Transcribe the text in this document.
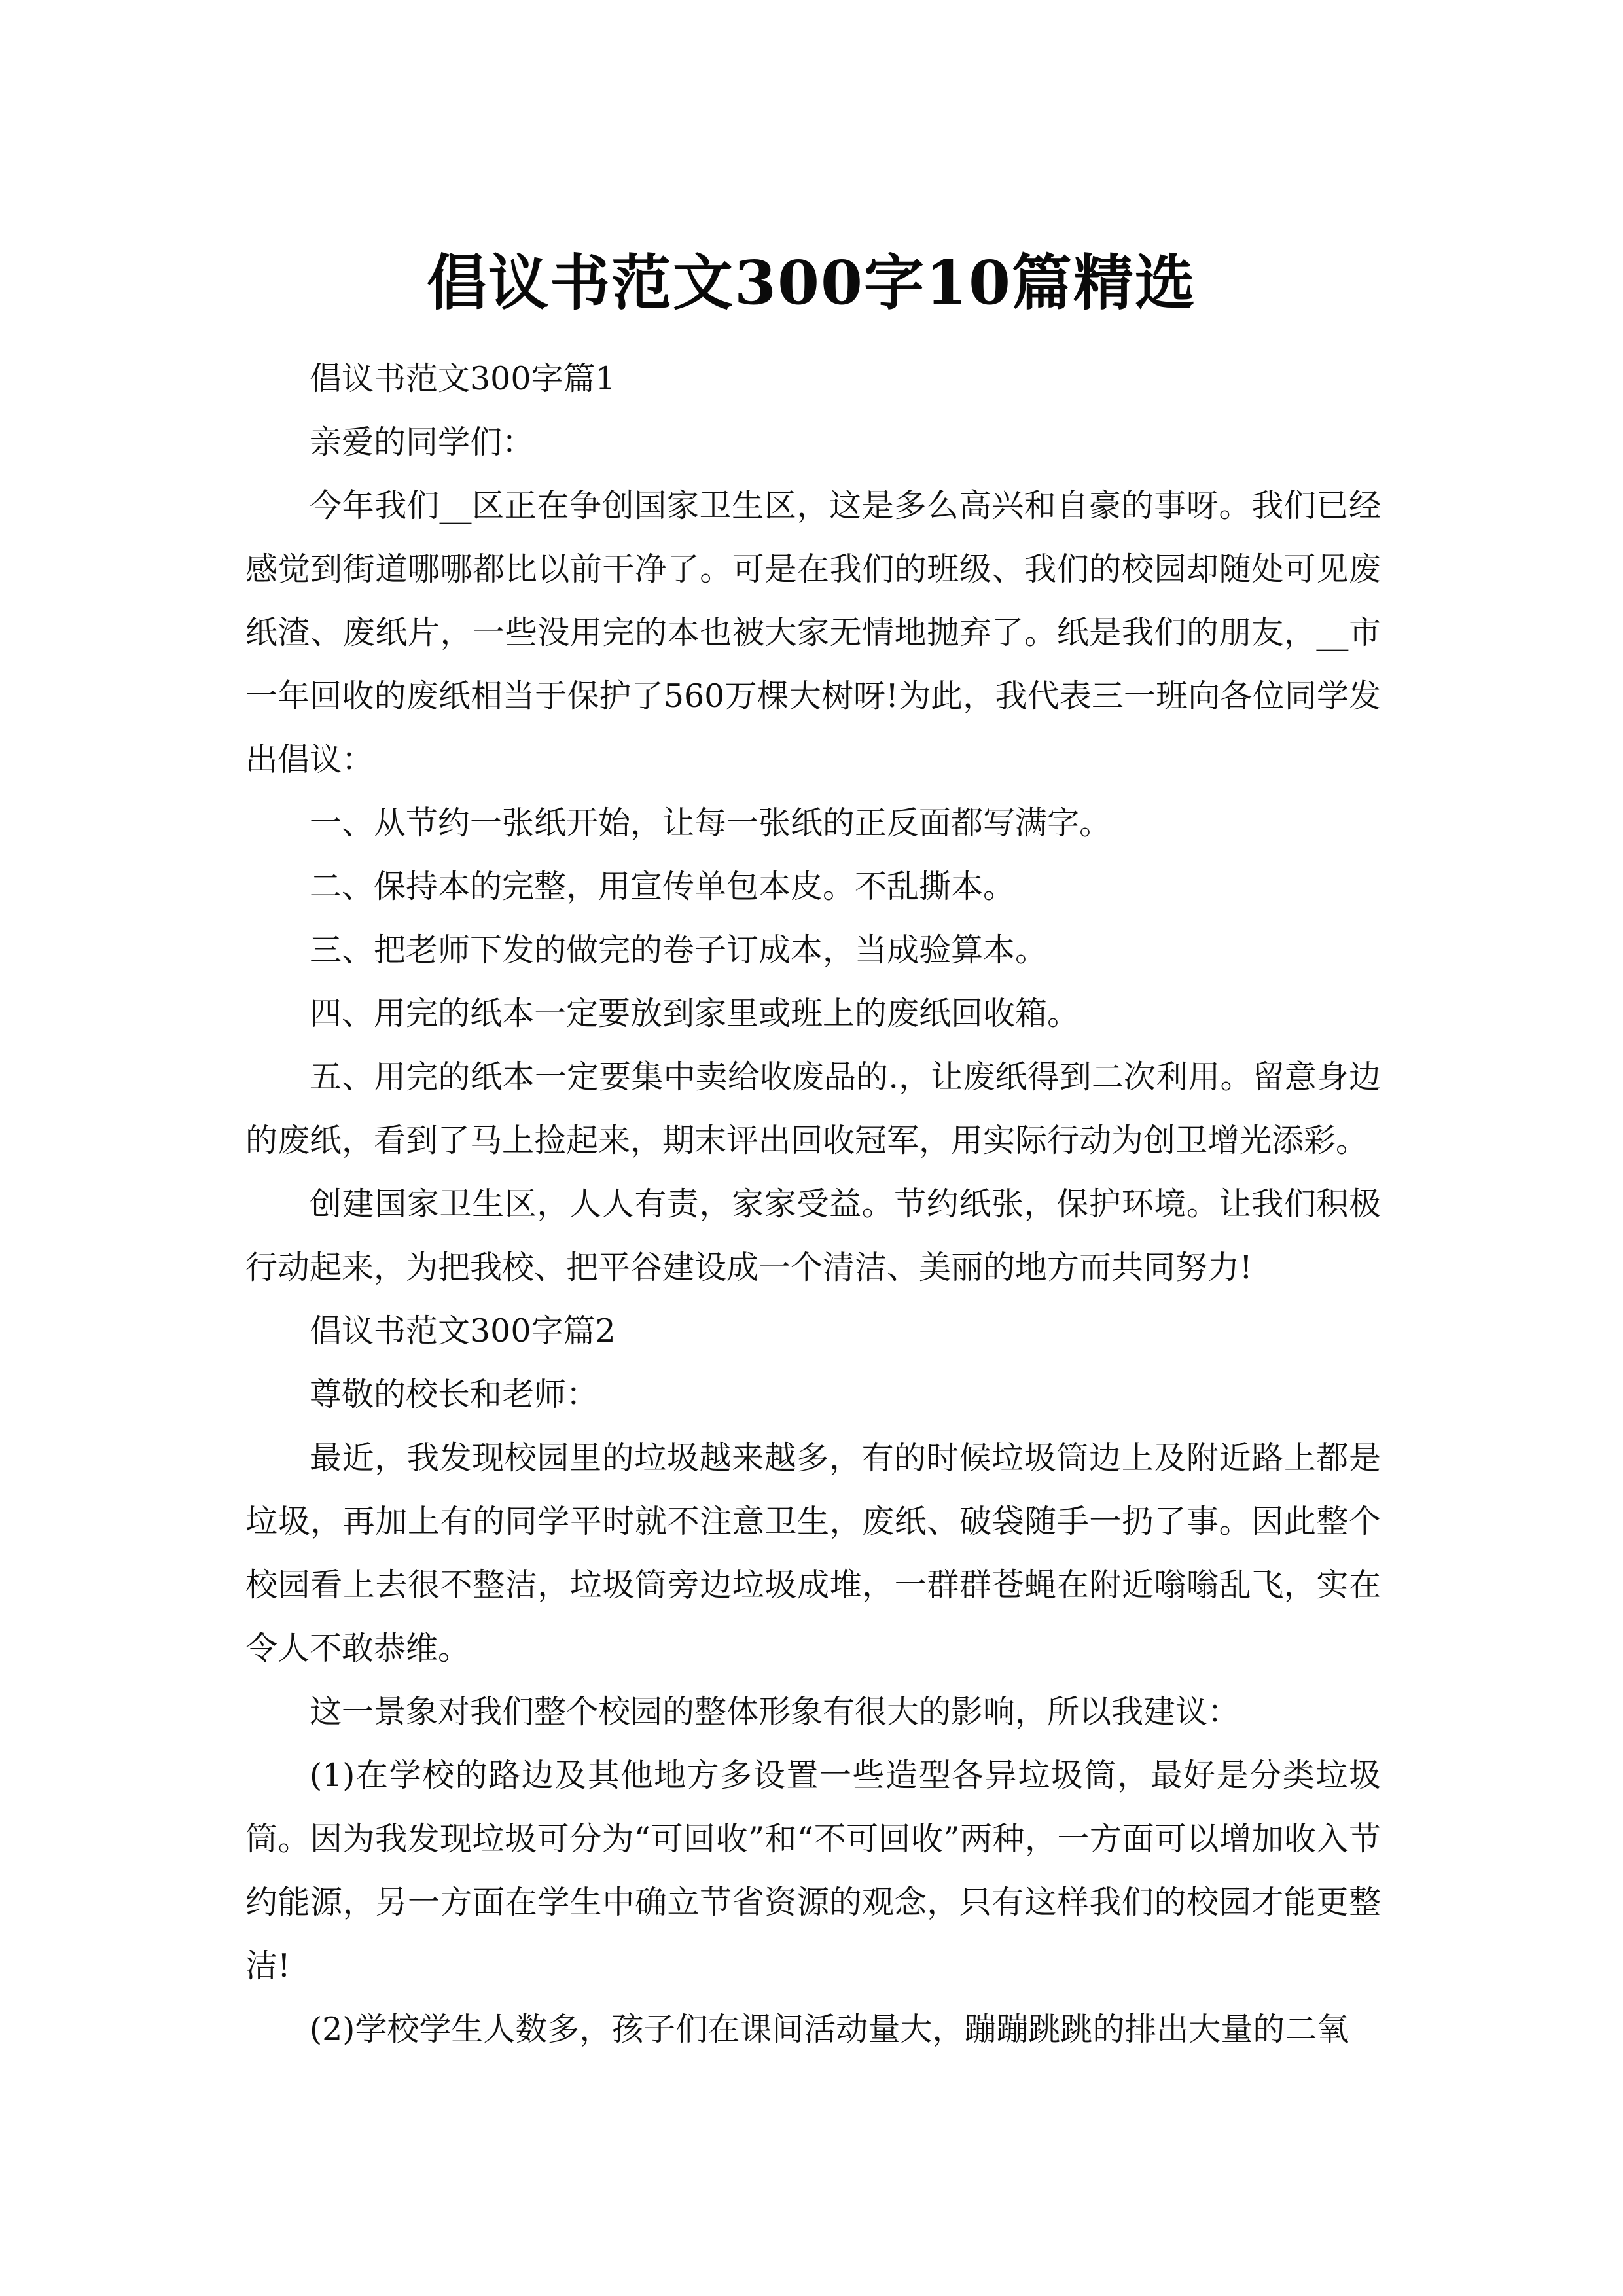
倡议书范文300字10篇精选

倡议书范文300字篇1

亲爱的同学们：

今年我们__区正在争创国家卫生区，这是多么高兴和自豪的事呀。我们已经感觉到街道哪哪都比以前干净了。可是在我们的班级、我们的校园却随处可见废纸渣、废纸片，一些没用完的本也被大家无情地抛弃了。纸是我们的朋友，__市一年回收的废纸相当于保护了560万棵大树呀!为此，我代表三一班向各位同学发出倡议：

一、从节约一张纸开始，让每一张纸的正反面都写满字。

二、保持本的完整，用宣传单包本皮。不乱撕本。

三、把老师下发的做完的卷子订成本，当成验算本。

四、用完的纸本一定要放到家里或班上的废纸回收箱。

五、用完的纸本一定要集中卖给收废品的.，让废纸得到二次利用。留意身边的废纸，看到了马上捡起来，期末评出回收冠军，用实际行动为创卫增光添彩。

创建国家卫生区，人人有责，家家受益。节约纸张，保护环境。让我们积极行动起来，为把我校、把平谷建设成一个清洁、美丽的地方而共同努力!

倡议书范文300字篇2

尊敬的校长和老师：

最近，我发现校园里的垃圾越来越多，有的时候垃圾筒边上及附近路上都是垃圾，再加上有的同学平时就不注意卫生，废纸、破袋随手一扔了事。因此整个校园看上去很不整洁，垃圾筒旁边垃圾成堆，一群群苍蝇在附近嗡嗡乱飞，实在令人不敢恭维。

这一景象对我们整个校园的整体形象有很大的影响，所以我建议：

(1)在学校的路边及其他地方多设置一些造型各异垃圾筒，最好是分类垃圾筒。因为我发现垃圾可分为“可回收”和“不可回收”两种，一方面可以增加收入节约能源，另一方面在学生中确立节省资源的观念，只有这样我们的校园才能更整洁!

(2)学校学生人数多，孩子们在课间活动量大，蹦蹦跳跳的排出大量的二氧
